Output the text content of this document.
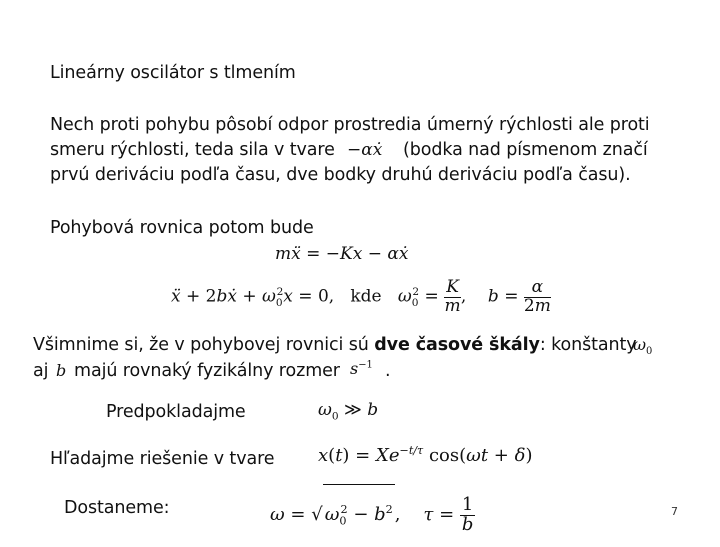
Lineárny oscilátor s tlmením
Nech proti pohybu pôsobí odpor prostredia úmerný rýchlosti ale proti
smeru rýchlosti, teda sila v tvare −αẋ (bodka nad písmenom značí
prvú deriváciu podľa času, dve bodky druhú deriváciu podľa času).
Pohybová rovnica potom bude
mẍ = −Kx − αẋ
ẍ + 2bẋ + $\omega_0^2x = 0$,   kde $\omega_0^2 = \frac{K}{m}$ ,    $b = \frac{\alpha}{2m}$
Všimnime si, že v pohybovej rovnici sú dve časové škály: konštanty
$\omega_0$
aj b majú rovnaký fyzikálny rozmer $s^{-1}$ .
Predpokladajme	$\omega_0$ ≫ b
Hľadajme riešenie v tvare $x(t) = Xe^{-t/\tau}$ cos(ωt + δ)
Dostaneme:	ω = √ $\omega_0^2 - b^2$ ,    $\tau = \frac{1}{b}$	7
